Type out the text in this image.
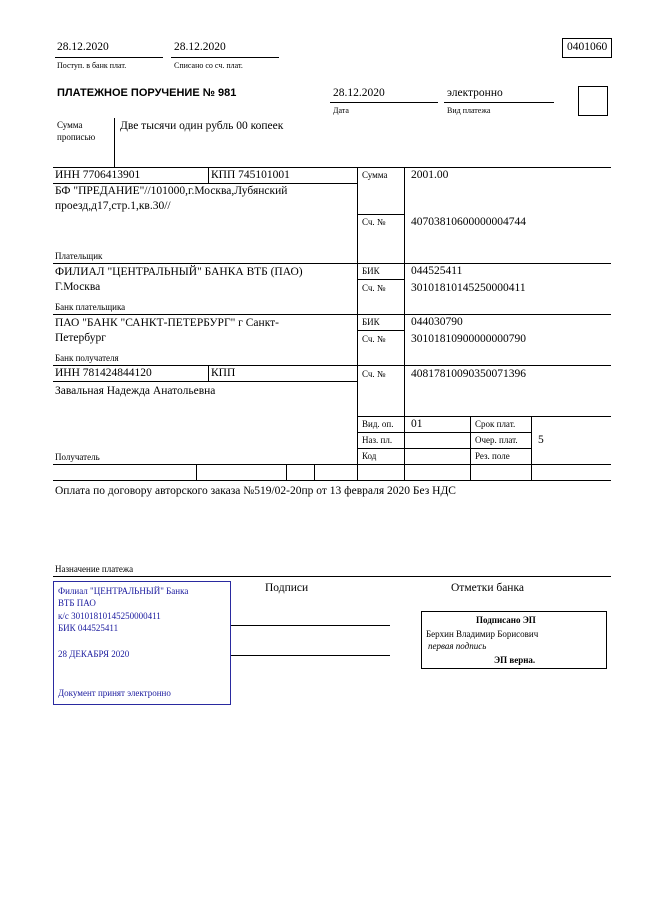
28.12.2020
Поступ. в банк плат.
28.12.2020
Списано со сч. плат.
0401060
ПЛАТЕЖНОЕ ПОРУЧЕНИЕ № 981	28.12.2020
Дата
электронно
Вид платежа
Сумма
прописью
Две тысячи один рубль 00 копеек
ИНН 7706413901	КПП 745101001
БФ "ПРЕДАНИЕ"//101000,г.Москва,Лубянский
проезд,д17,стр.1,кв.30//
Плательщик
Сумма 2001.00
Сч. № 40703810600000004744
ФИЛИАЛ "ЦЕНТРАЛЬНЫЙ" БАНКА ВТБ (ПАО)
Г.Москва
Банк плательщика
БИК	044525411
Сч. № 30101810145250000411
ПАО "БАНК "САНКТ-ПЕТЕРБУРГ" г Санкт-
Петербург
Банк получателя
БИК	044030790
Сч. № 30101810900000000790
ИНН 781424844120	КПП
Завальная Надежда Анатольевна
Получатель
Сч. № 40817810090350071396
Вид. оп. 01
Наз. пл.
Код
Срок плат.
Очер. плат. 5
Рез. поле
Оплата по договору авторского заказа №519/02-20пр от 13 февраля 2020 Без НДС
Назначение платежа
Филиал "ЦЕНТРАЛЬНЫЙ" Банка
ВТБ ПАО
к/с 30101810145250000411
БИК 044525411
28 ДЕКАБРЯ 2020
Документ принят электронно
Подписи	Отметки банка
Подписано ЭП
Берхин Владимир Борисович
первая подпись
ЭП верна.
